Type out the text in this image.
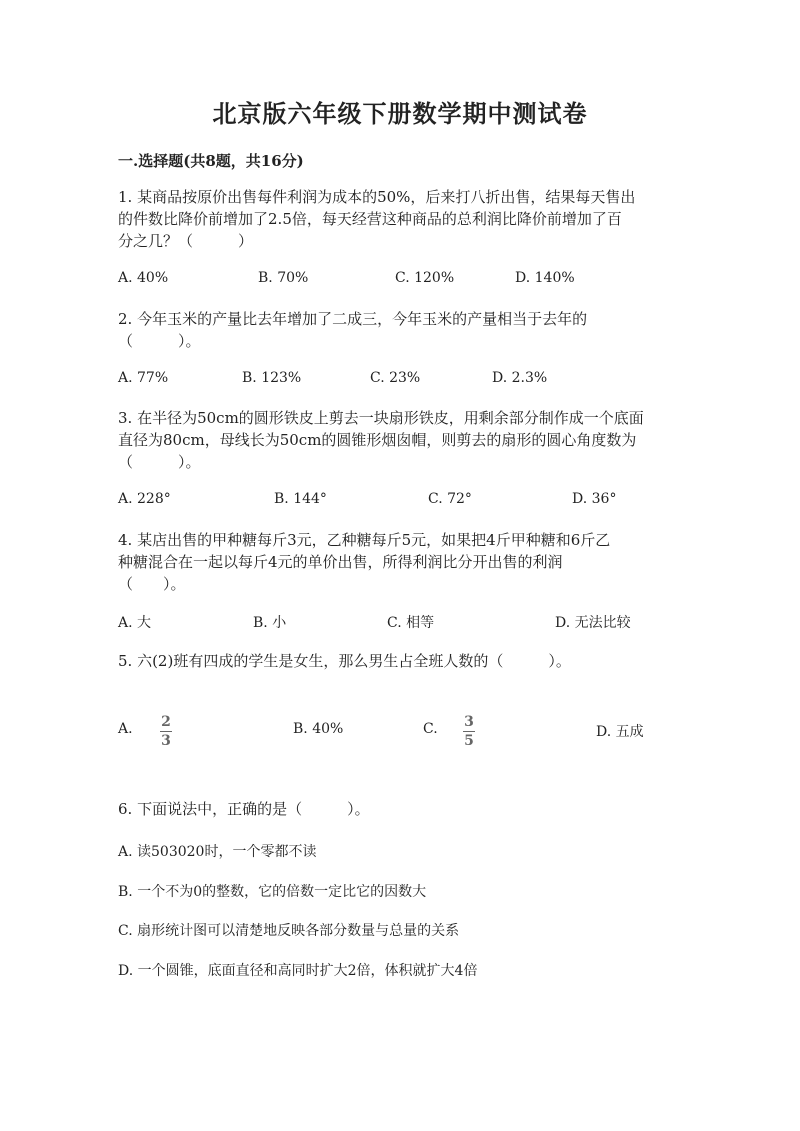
北京版六年级下册数学期中测试卷
一.选择题(共8题，共16分)
1. 某商品按原价出售每件利润为成本的50%，后来打八折出售，结果每天售出
的件数比降价前增加了2.5倍，每天经营这种商品的总利润比降价前增加了百
分之几？（　　　）
A. 40%	B. 70%	C. 120%	D. 140%
2. 今年玉米的产量比去年增加了二成三，今年玉米的产量相当于去年的
（　　　）。
A. 77%	B. 123%	C. 23%	D. 2.3%
3. 在半径为50cm的圆形铁皮上剪去一块扇形铁皮，用剩余部分制作成一个底面
直径为80cm，母线长为50cm的圆锥形烟囱帽，则剪去的扇形的圆心角度数为
（　　　）。
A. 228°	B. 144°	C. 72°	D. 36°
4. 某店出售的甲种糖每斤3元，乙种糖每斤5元，如果把4斤甲种糖和6斤乙
种糖混合在一起以每斤4元的单价出售，所得利润比分开出售的利润
（　　）。
A. 大	B. 小	C. 相等	D. 无法比较
5. 六(2)班有四成的学生是女生，那么男生占全班人数的（　　　）。
A. 2
3
B. 40%	C. 3
5
D. 五成
6. 下面说法中，正确的是（　　　）。
A. 读503020时，一个零都不读
B. 一个不为0的整数，它的倍数一定比它的因数大
C. 扇形统计图可以清楚地反映各部分数量与总量的关系
D. 一个圆锥，底面直径和高同时扩大2倍，体积就扩大4倍
